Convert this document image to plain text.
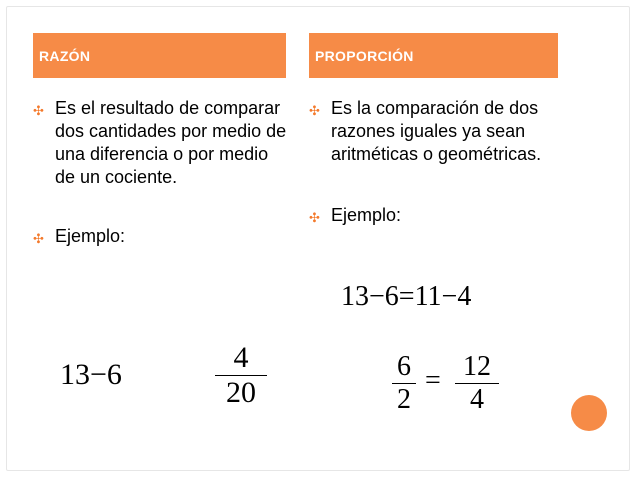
RAZÓN	PROPORCIÓN
✣ Es el resultado de comparar dos cantidades por medio de una diferencia o por medio de un cociente.
✣ Ejemplo:
13−6
4
20
✣ Es la comparación de dos razones iguales ya sean aritméticas o geométricas.
✣ Ejemplo:
13−6=11−4
6
2
= 12
4
